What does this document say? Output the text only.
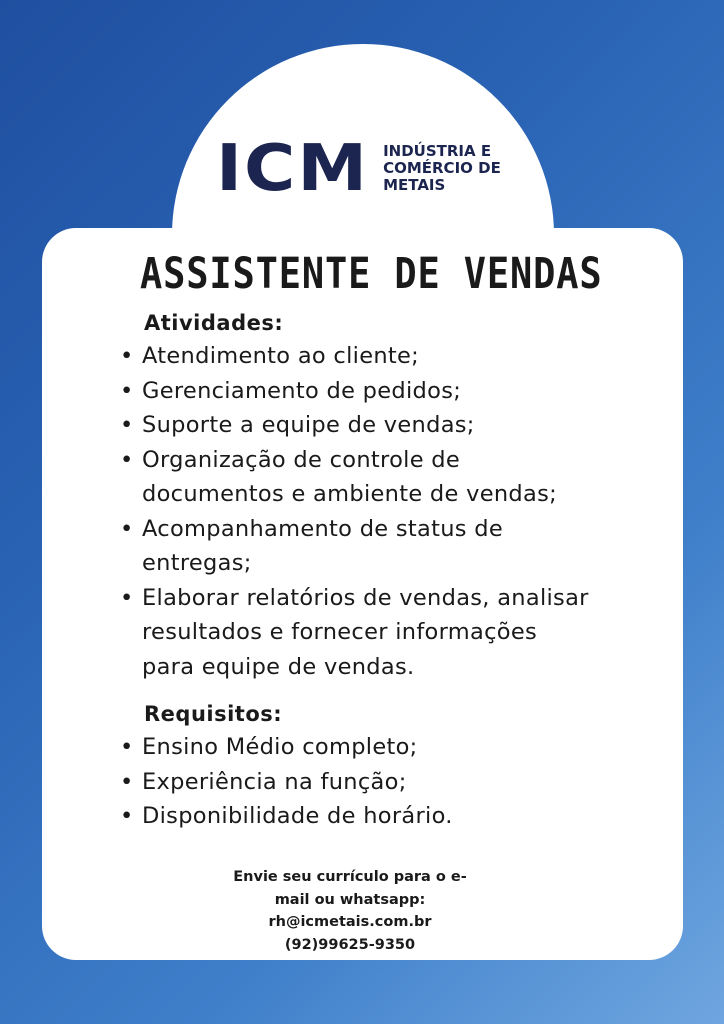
ICM INDÚSTRIA E
COMÉRCIO DE
METAIS
ASSISTENTE DE VENDAS
Atividades:
• Atendimento ao cliente;
• Gerenciamento de pedidos;
• Suporte a equipe de vendas;
• Organização de controle de
documentos e ambiente de vendas;
• Acompanhamento de status de
entregas;
• Elaborar relatórios de vendas, analisar
resultados e fornecer informações
para equipe de vendas.
Requisitos:
• Ensino Médio completo;
• Experiência na função;
• Disponibilidade de horário.
Envie seu currículo para o e-
mail ou whatsapp:
rh@icmetais.com.br
(92)99625-9350
